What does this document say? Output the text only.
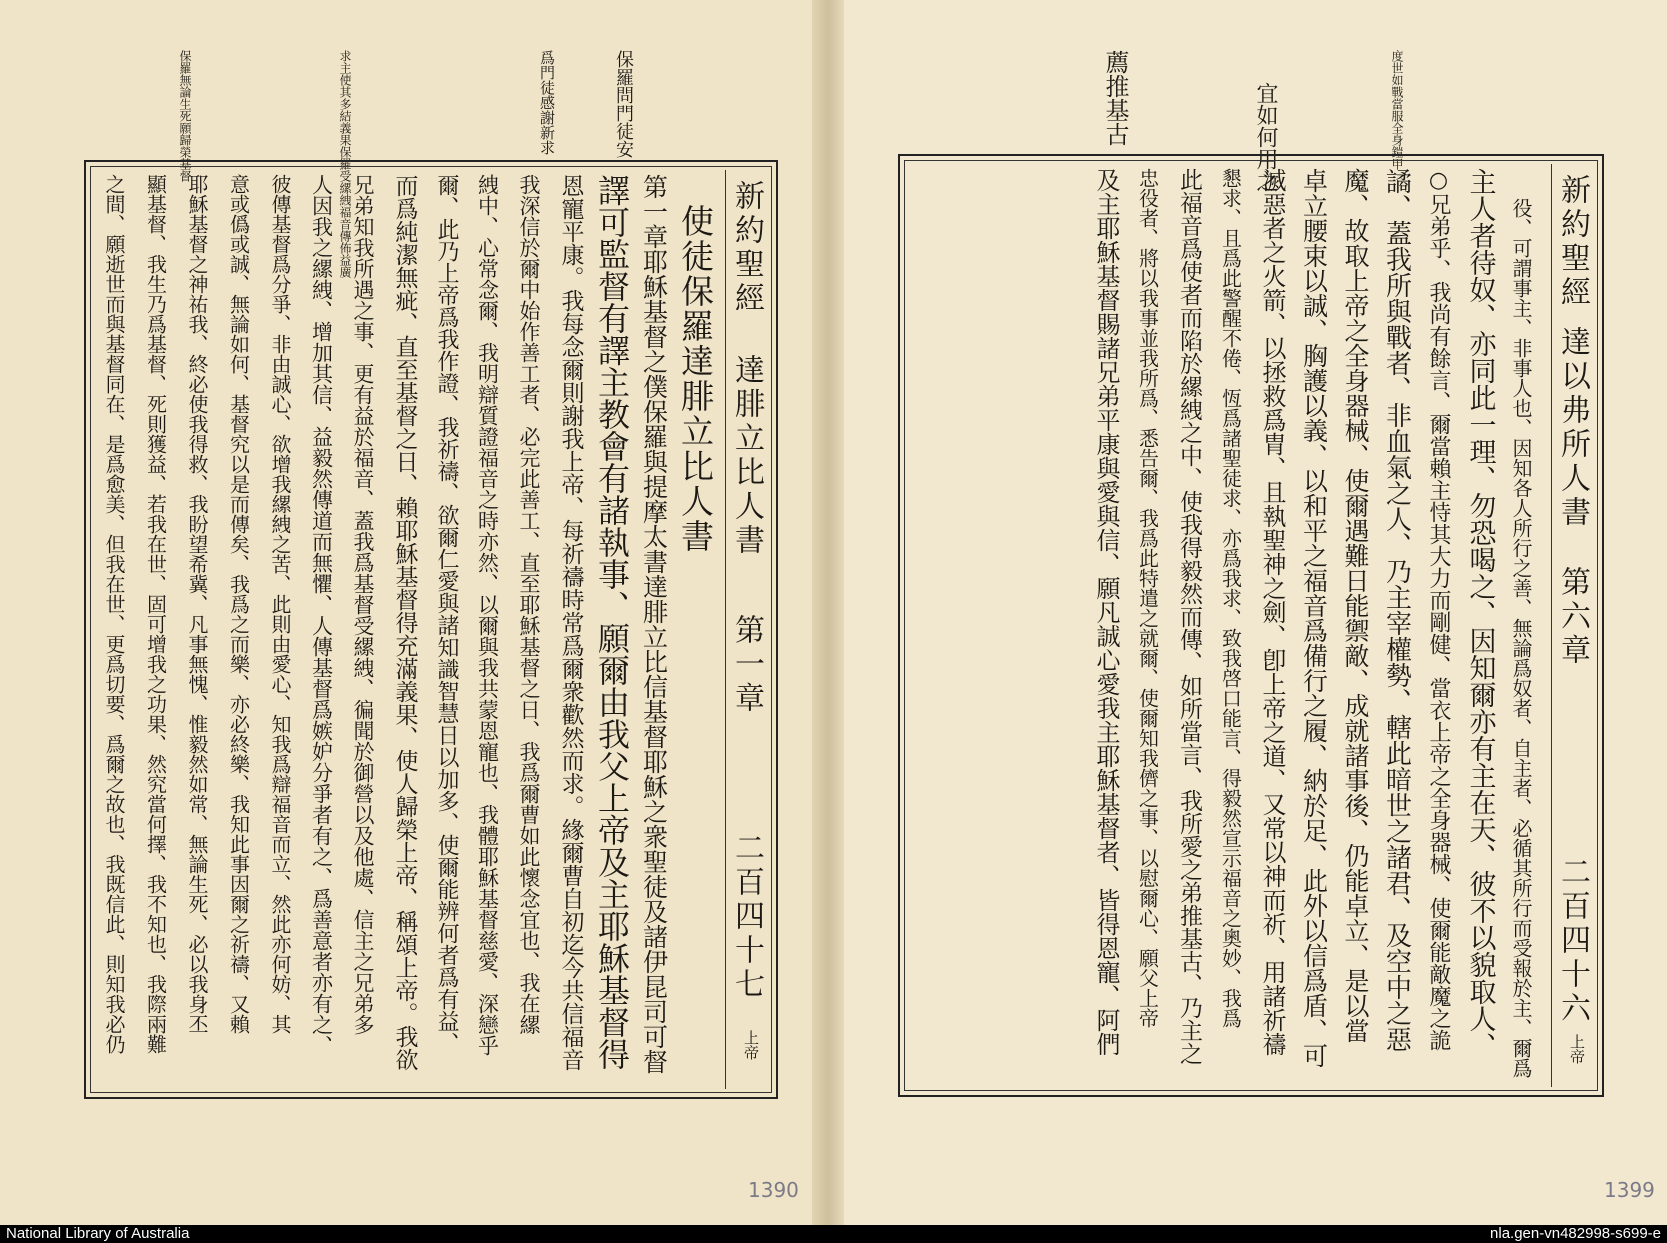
保羅無論生死願歸榮基督	求主使其多結義果保羅受縲絏福音傳佈益廣	爲門徒感謝新求	保羅問門徒安
新約聖經
達腓立比人書
第一章
二百四十七
上帝
使徒保羅達腓立比人書
第一章耶穌基督之僕保羅與提摩太書達腓立比信基督耶穌之衆聖徒及諸伊昆司可督
譯可監督有譯主教會有諸執事、願爾由我父上帝及主耶穌基督得
恩寵平康。我每念爾則謝我上帝、每祈禱時常爲爾衆歡然而求。緣爾曹自初迄今共信福音
我深信於爾中始作善工者、必完此善工、直至耶穌基督之日、我爲爾曹如此懷念宜也、我在縲
絏中、心常念爾、我明辯質證福音之時亦然、以爾與我共蒙恩寵也、我體耶穌基督慈愛、深戀乎
爾、此乃上帝爲我作證、我祈禱、欲爾仁愛與諸知識智慧日以加多、使爾能辨何者爲有益、
而爲純潔無疵、直至基督之日、賴耶穌基督得充滿義果、使人歸榮上帝、稱頌上帝。我欲
兄弟知我所遇之事、更有益於福音、蓋我爲基督受縲絏、徧聞於御營以及他處、信主之兄弟多
人因我之縲絏、增加其信、益毅然傳道而無懼、人傳基督爲嫉妒分爭者有之、爲善意者亦有之、
彼傳基督爲分爭、非由誠心、欲增我縲絏之苦、此則由愛心、知我爲辯福音而立、然此亦何妨、其
意或僞或誠、無論如何、基督究以是而傳矣、我爲之而樂、亦必終樂、我知此事因爾之祈禱、又賴
耶穌基督之神祐我、終必使我得救、我盼望希冀、凡事無愧、惟毅然如常、無論生死、必以我身丕
顯基督、我生乃爲基督、死則獲益、若我在世、固可增我之功果、然究當何擇、我不知也、我際兩難
之間、願逝世而與基督同在、是爲愈美、但我在世、更爲切要、爲爾之故也、我既信此、則知我必仍
度世如戰當服全身鎧甲
宜如何用之
薦推基古
新約聖經
達以弗所人書
第六章
二百四十六
上帝
役、可謂事主、非事人也、因知各人所行之善、無論爲奴者、自主者、必循其所行而受報於主、爾爲
主人者待奴、亦同此一理、勿恐喝之、因知爾亦有主在天、彼不以貌取人、
○兄弟乎、我尚有餘言、爾當賴主恃其大力而剛健、當衣上帝之全身器械、使爾能敵魔之詭
譎、蓋我所與戰者、非血氣之人、乃主宰權勢、轄此暗世之諸君、及空中之惡
魔、故取上帝之全身器械、使爾遇難日能禦敵、成就諸事後、仍能卓立、是以當
卓立腰束以誠、胸護以義、以和平之福音爲備行之履、納於足、此外以信爲盾、可
滅惡者之火箭、以拯救爲胄、且執聖神之劍、卽上帝之道、又常以神而祈、用諸祈禱
懇求、且爲此警醒不倦、恆爲諸聖徒求、亦爲我求、致我啓口能言、得毅然宣示福音之奧妙、我爲
此福音爲使者而陷於縲絏之中、使我得毅然而傳、如所當言、我所愛之弟推基古、乃主之
忠役者、將以我事並我所爲、悉告爾、我爲此特遣之就爾、使爾知我儕之事、以慰爾心、願父上帝
及主耶穌基督賜諸兄弟平康與愛與信、願凡誠心愛我主耶穌基督者、皆得恩寵、阿們
1390	1399
National Library of Australia	nla.gen-vn482998-s699-e
